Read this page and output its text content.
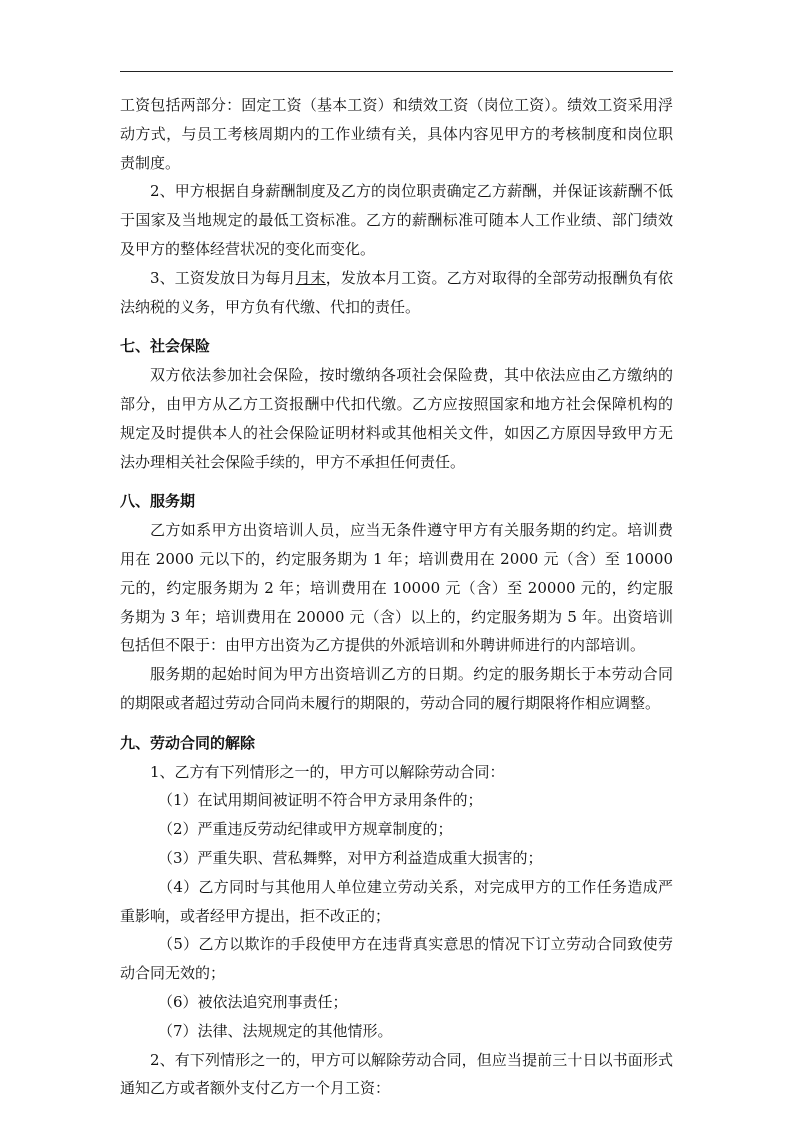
工资包括两部分：固定工资（基本工资）和绩效工资（岗位工资）。绩效工资采用浮动方式，与员工考核周期内的工作业绩有关，具体内容见甲方的考核制度和岗位职责制度。

2、甲方根据自身薪酬制度及乙方的岗位职责确定乙方薪酬，并保证该薪酬不低于国家及当地规定的最低工资标准。乙方的薪酬标准可随本人工作业绩、部门绩效及甲方的整体经营状况的变化而变化。

3、工资发放日为每月月末，发放本月工资。乙方对取得的全部劳动报酬负有依法纳税的义务，甲方负有代缴、代扣的责任。

七、社会保险

双方依法参加社会保险，按时缴纳各项社会保险费，其中依法应由乙方缴纳的部分，由甲方从乙方工资报酬中代扣代缴。乙方应按照国家和地方社会保障机构的规定及时提供本人的社会保险证明材料或其他相关文件，如因乙方原因导致甲方无法办理相关社会保险手续的，甲方不承担任何责任。

八、服务期

乙方如系甲方出资培训人员，应当无条件遵守甲方有关服务期的约定。培训费用在 2000 元以下的，约定服务期为 1 年；培训费用在 2000 元（含）至 10000 元的，约定服务期为 2 年；培训费用在 10000 元（含）至 20000 元的，约定服务期为 3 年；培训费用在 20000 元（含）以上的，约定服务期为 5 年。出资培训包括但不限于：由甲方出资为乙方提供的外派培训和外聘讲师进行的内部培训。

服务期的起始时间为甲方出资培训乙方的日期。约定的服务期长于本劳动合同的期限或者超过劳动合同尚未履行的期限的，劳动合同的履行期限将作相应调整。

九、劳动合同的解除

1、乙方有下列情形之一的，甲方可以解除劳动合同：

（1）在试用期间被证明不符合甲方录用条件的；

（2）严重违反劳动纪律或甲方规章制度的；

（3）严重失职、营私舞弊，对甲方利益造成重大损害的；

（4）乙方同时与其他用人单位建立劳动关系，对完成甲方的工作任务造成严重影响，或者经甲方提出，拒不改正的；

（5）乙方以欺诈的手段使甲方在违背真实意思的情况下订立劳动合同致使劳动合同无效的；

（6）被依法追究刑事责任；

（7）法律、法规规定的其他情形。

2、有下列情形之一的，甲方可以解除劳动合同，但应当提前三十日以书面形式通知乙方或者额外支付乙方一个月工资：
